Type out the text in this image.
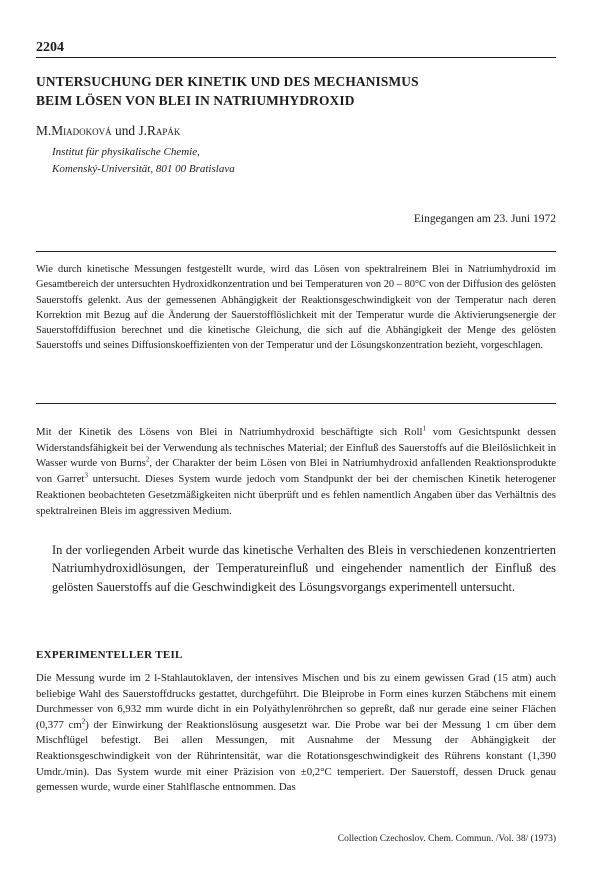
2204
UNTERSUCHUNG DER KINETIK UND DES MECHANISMUS
BEIM LÖSEN VON BLEI IN NATRIUMHYDROXID
M.Miadoková und J.Rapák
Institut für physikalische Chemie,
Komenský-Universität, 801 00 Bratislava
Eingegangen am 23. Juni 1972
Wie durch kinetische Messungen festgestellt wurde, wird das Lösen von spektralreinem Blei in Natriumhydroxid im Gesamtbereich der untersuchten Hydroxidkonzentration und bei Temperaturen von 20 – 80°C von der Diffusion des gelösten Sauerstoffs gelenkt. Aus der gemessenen Abhängigkeit der Reaktionsgeschwindigkeit von der Temperatur nach deren Korrektion mit Bezug auf die Änderung der Sauerstofflöslichkeit mit der Temperatur wurde die Aktivierungsenergie der Sauerstoffdiffusion berechnet und die kinetische Gleichung, die sich auf die Abhängigkeit der Menge des gelösten Sauerstoffs und seines Diffusionskoeffizienten von der Temperatur und der Lösungskonzentration bezieht, vorgeschlagen.
Mit der Kinetik des Lösens von Blei in Natriumhydroxid beschäftigte sich Roll$^1$ vom Gesichtspunkt dessen Widerstandsfähigkeit bei der Verwendung als technisches Material; der Einfluß des Sauerstoffs auf die Bleilöslichkeit in Wasser wurde von Burns$^2$, der Charakter der beim Lösen von Blei in Natriumhydroxid anfallenden Reaktionsprodukte von Garret$^3$ untersucht. Dieses System wurde jedoch vom Standpunkt der bei der chemischen Kinetik heterogener Reaktionen beobachteten Gesetzmäßigkeiten nicht überprüft und es fehlen namentlich Angaben über das Verhältnis des spektralreinen Bleis im aggressiven Medium.
In der vorliegenden Arbeit wurde das kinetische Verhalten des Bleis in verschiedenen konzentrierten Natriumhydroxidlösungen, der Temperatureinfluß und eingehender namentlich der Einfluß des gelösten Sauerstoffs auf die Geschwindigkeit des Lösungsvorgangs experimentell untersucht.
EXPERIMENTELLER TEIL
Die Messung wurde im 2 l-Stahlautoklaven, der intensives Mischen und bis zu einem gewissen Grad (15 atm) auch beliebige Wahl des Sauerstoffdrucks gestattet, durchgeführt. Die Bleiprobe in Form eines kurzen Stäbchens mit einem Durchmesser von 6,932 mm wurde dicht in ein Polyäthylenröhrchen so gepreßt, daß nur gerade eine seiner Flächen (0,377 $cm^2$) der Einwirkung der Reaktionslösung ausgesetzt war. Die Probe war bei der Messung 1 cm über dem Mischflügel befestigt. Bei allen Messungen, mit Ausnahme der Messung der Abhängigkeit der Reaktionsgeschwindigkeit von der Rührintensität, war die Rotationsgeschwindigkeit des Rührens konstant (1,390 Umdr./min). Das System wurde mit einer Präzision von ±0,2°C temperiert. Der Sauerstoff, dessen Druck genau gemessen wurde, wurde einer Stahlflasche entnommen. Das
Collection Czechoslov. Chem. Commun. /Vol. 38/ (1973)
